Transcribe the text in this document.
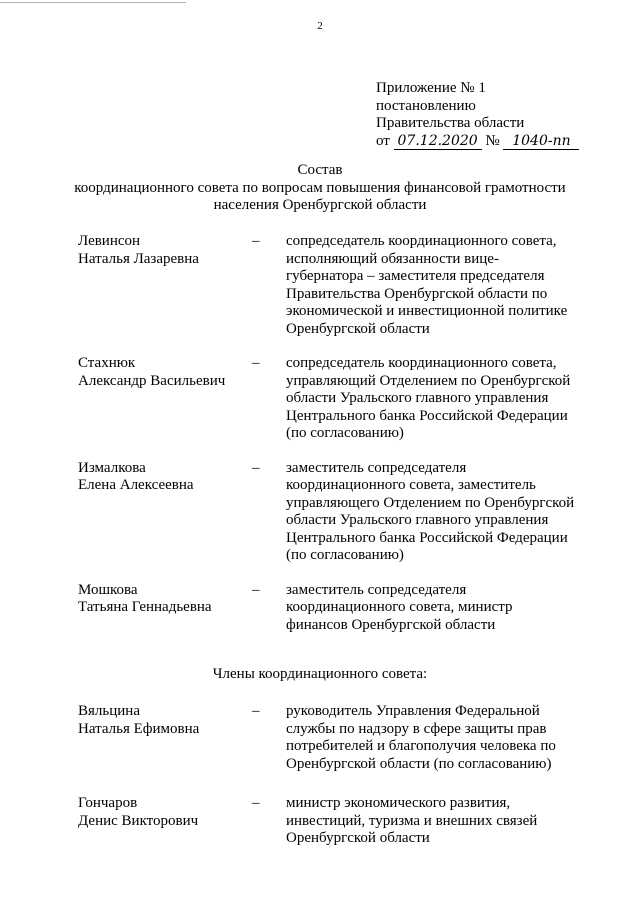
2
Приложение № 1
постановлению
Правительства области
от 07.12.2020 № 1040-пп
Состав
координационного совета по вопросам повышения финансовой грамотности
населения Оренбургской области
Левинсон
Наталья Лазаревна
–	сопредседатель координационного совета, исполняющий обязанности вице-губернатора – заместителя председателя Правительства Оренбургской области по экономической и инвестиционной политике Оренбургской области
Стахнюк
Александр Васильевич
–	сопредседатель координационного совета, управляющий Отделением по Оренбургской области Уральского главного управления Центрального банка Российской Федерации (по согласованию)
Измалкова
Елена Алексеевна
–	заместитель сопредседателя координационного совета, заместитель управляющего Отделением по Оренбургской области Уральского главного управления Центрального банка Российской Федерации (по согласованию)
Мошкова
Татьяна Геннадьевна
–	заместитель сопредседателя координационного совета, министр финансов Оренбургской области
Члены координационного совета:
Вяльцина
Наталья Ефимовна
–	руководитель Управления Федеральной службы по надзору в сфере защиты прав потребителей и благополучия человека по Оренбургской области (по согласованию)
Гончаров
Денис Викторович
–	министр экономического развития, инвестиций, туризма и внешних связей Оренбургской области
